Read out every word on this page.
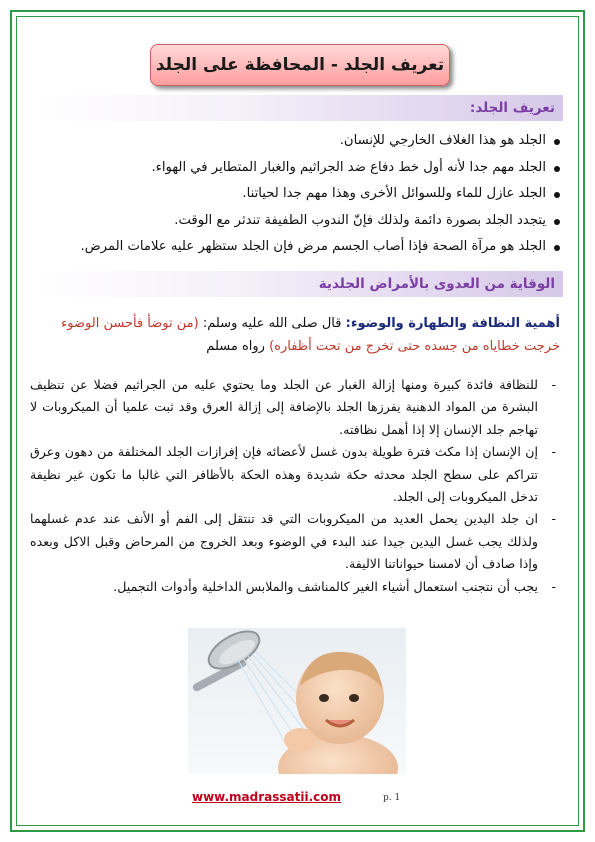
تعريف الجلد - المحافظة على الجلد
تعريف الجلد:
الجلد هو هذا الغلاف الخارجي للإنسان.
الجلد مهم جدا لأنه أول خط دفاع ضد الجراثيم والغبار المتطاير في الهواء.
الجلد عازل للماء وللسوائل الأخرى وهذا مهم جدا لحياتنا.
يتجدد الجلد بصورة دائمة ولذلك فإنّ الندوب الطفيفة تندثر مع الوقت.
الجلد هو مرآة الصحة فإذا أصاب الجسم مرض فإن الجلد ستظهر عليه علامات المرض.
الوقاية من العدوى بالأمراض الجلدية
أهمية النظافة والطهارة والوضوء: قال صلى الله عليه وسلم: (من توضأ فأحسن الوضوء خرجت خطاياه من جسده حتى تخرج من تحت أظفاره) رواه مسلم
- للنظافة فائدة كبيرة ومنها إزالة الغبار عن الجلد وما يحتوي عليه من الجراثيم فضلا عن تنظيف البشرة من المواد الدهنية يفرزها الجلد بالإضافة إلى إزالة العرق وقد ثبت علميا أن الميكروبات لا تهاجم جلد الإنسان إلا إذا أهمل نظافته.
- إن الإنسان إذا مكث فترة طويلة بدون غسل لأعضائه فإن إفرازات الجلد المختلفة من دهون وعرق تتراكم على سطح الجلد محدثه حكة شديدة وهذه الحكة بالأظافر التي غالبا ما تكون غير نظيفة تدخل الميكروبات إلى الجلد.
- ان جلد اليدين يحمل العديد من الميكروبات التي قد تنتقل إلى الفم أو الأنف عند عدم غسلهما ولذلك يجب غسل اليدين جيدا عند البدء في الوضوء وبعد الخروج من المرحاض وقبل الاكل وبعده وإذا صادف أن لامسنا حيواناتنا الاليفة.
- يجب أن نتجنب استعمال أشياء الغير كالمناشف والملابس الداخلية وأدوات التجميل.
www.madrassatii.com	p. 1
